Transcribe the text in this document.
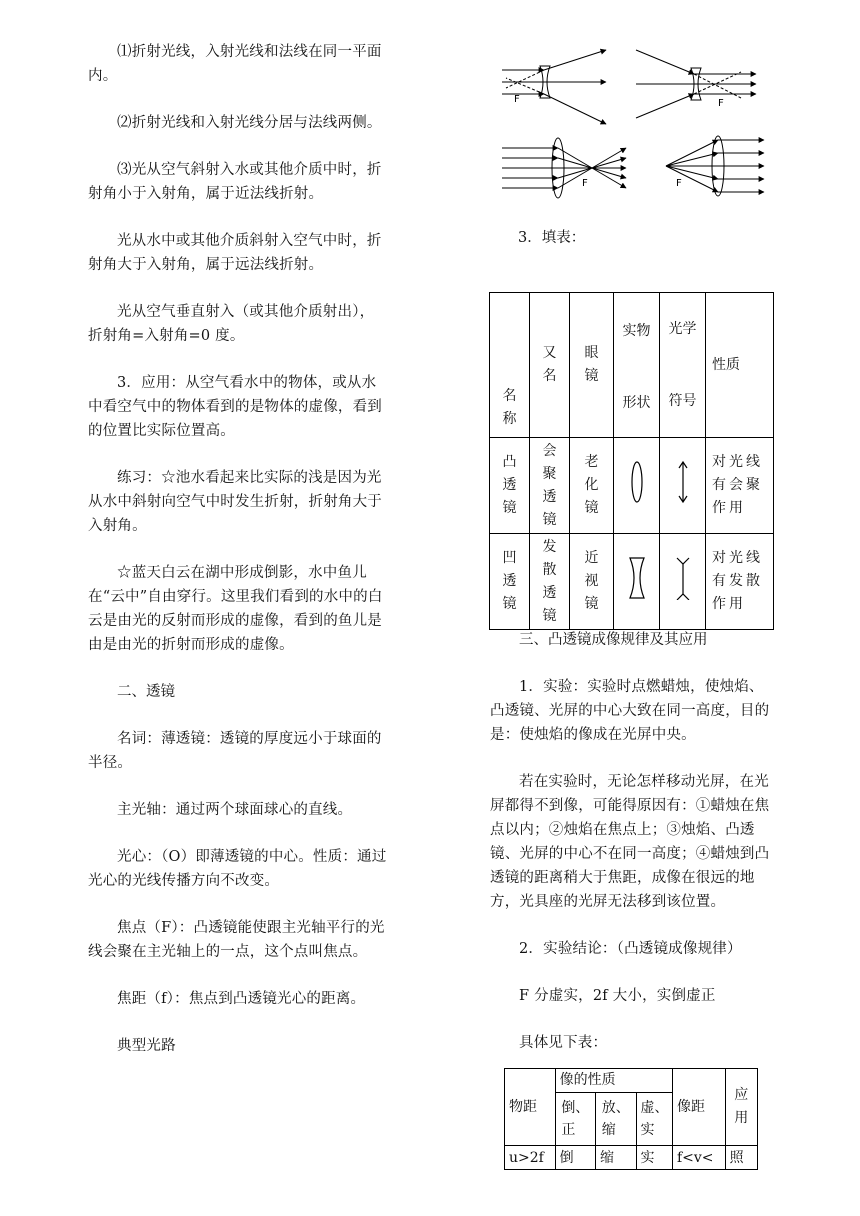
⑴折射光线，入射光线和法线在同一平面内。

⑵折射光线和入射光线分居与法线两侧。

⑶光从空气斜射入水或其他介质中时，折射角小于入射角，属于近法线折射。

光从水中或其他介质斜射入空气中时，折射角大于入射角，属于远法线折射。

光从空气垂直射入（或其他介质射出），折射角=入射角=0 度。

3．应用：从空气看水中的物体，或从水中看空气中的物体看到的是物体的虚像，看到的位置比实际位置高。

练习：☆池水看起来比实际的浅是因为光从水中斜射向空气中时发生折射，折射角大于入射角。

☆蓝天白云在湖中形成倒影，水中鱼儿在“云中”自由穿行。这里我们看到的水中的白云是由光的反射而形成的虚像，看到的鱼儿是由是由光的折射而形成的虚像。

二、透镜

名词：薄透镜：透镜的厚度远小于球面的半径。

主光轴：通过两个球面球心的直线。

光心：（O）即薄透镜的中心。性质：通过光心的光线传播方向不改变。

焦点（F）：凸透镜能使跟主光轴平行的光线会聚在主光轴上的一点，这个点叫焦点。

焦距（f）：焦点到凸透镜光心的距离。

典型光路

F	F
F	F
3．填表：
名称	又名	眼镜	实物形状	光学符号	性质

凸透镜	会聚透镜	老化镜			对光线有会聚作用

凹透镜	发散透镜	近视镜			对光线有发散作用

三、凸透镜成像规律及其应用

1．实验：实验时点燃蜡烛，使烛焰、凸透镜、光屏的中心大致在同一高度，目的是：使烛焰的像成在光屏中央。

若在实验时，无论怎样移动光屏，在光屏都得不到像，可能得原因有：①蜡烛在焦点以内；②烛焰在焦点上；③烛焰、凸透镜、光屏的中心不在同一高度；④蜡烛到凸透镜的距离稍大于焦距，成像在很远的地方，光具座的光屏无法移到该位置。

2．实验结论：（凸透镜成像规律）

F 分虚实，2f 大小，实倒虚正

具体见下表：

物距	像的性质			像距	应用

	倒、正	放、缩	虚、实		

u>2f	倒	缩	实	f<v<	照
